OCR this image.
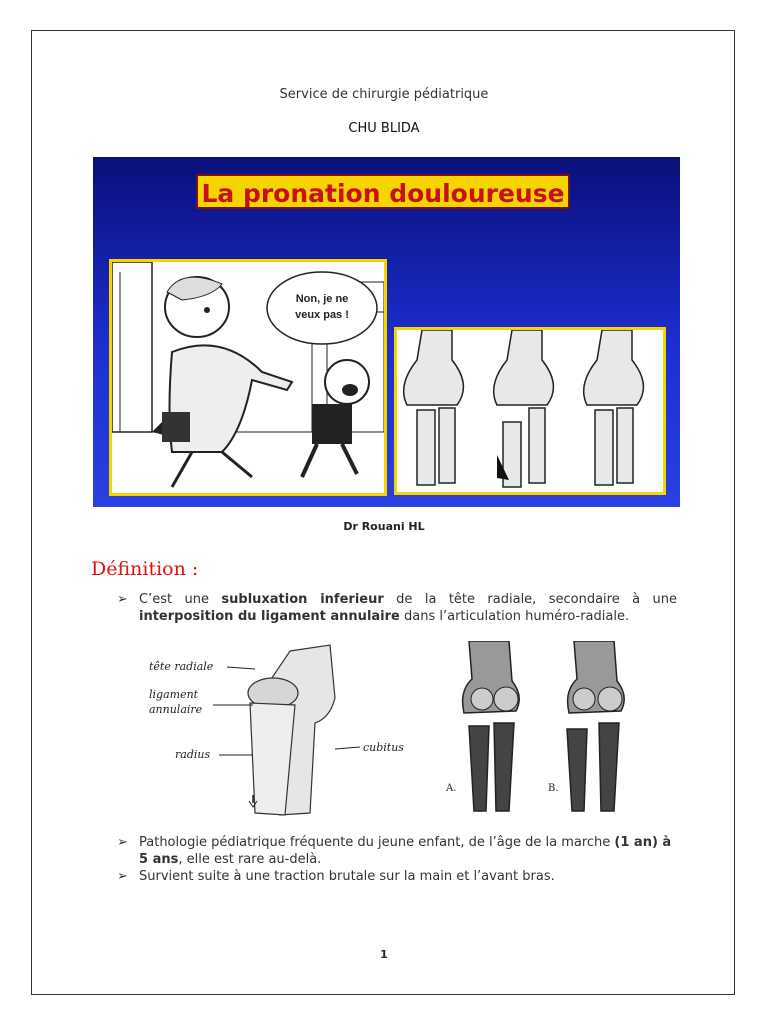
Service de chirurgie pédiatrique
CHU BLIDA
La pronation douloureuse
Non, je ne
veux pas !
Dr Rouani HL
Définition :
➢ C’est une subluxation inferieur de la tête radiale, secondaire à une interposition du ligament annulaire dans l’articulation huméro-radiale.
tête radiale
ligament
annulaire
radius
cubitus
A.	B.
➢ Pathologie pédiatrique fréquente du jeune enfant, de l’âge de la marche (1 an) à 5 ans, elle est rare au-delà.
➢ Survient suite à une traction brutale sur la main et l’avant bras.
1
